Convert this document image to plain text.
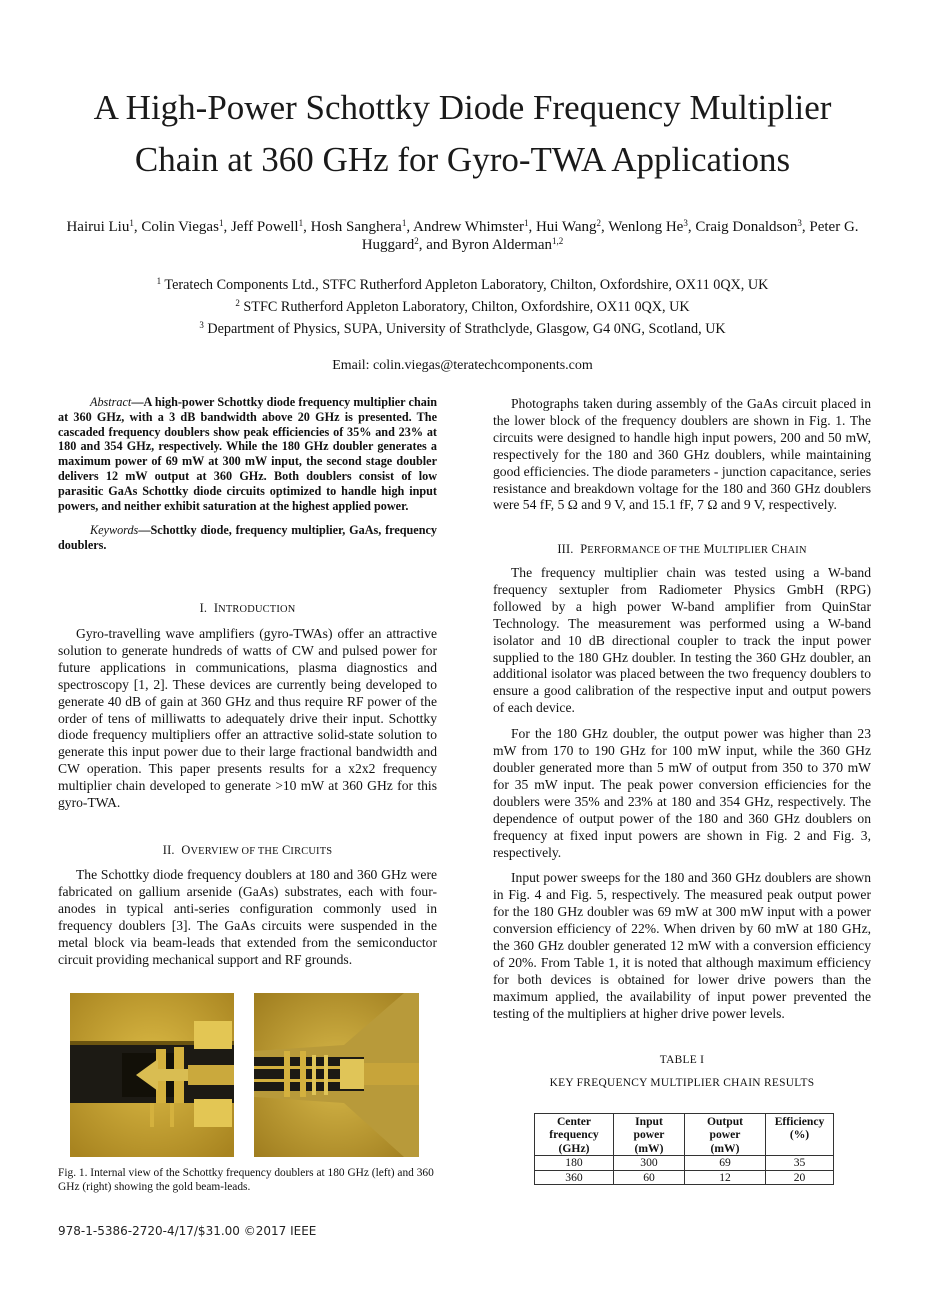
A High-Power Schottky Diode Frequency Multiplier
Chain at 360 GHz for Gyro-TWA Applications
Hairui Liu$^1$, Colin Viegas$^1$, Jeff Powell$^1$, Hosh Sanghera$^1$, Andrew Whimster$^1$, Hui Wang$^2$, Wenlong He$^3$, Craig Donaldson$^3$, Peter G. Huggard$^2$, and Byron Alderman$^{1,2}$
$^1$ Teratech Components Ltd., STFC Rutherford Appleton Laboratory, Chilton, Oxfordshire, OX11 0QX, UK
$^2$ STFC Rutherford Appleton Laboratory, Chilton, Oxfordshire, OX11 0QX, UK
$^3$ Department of Physics, SUPA, University of Strathclyde, Glasgow, G4 0NG, Scotland, UK
Email: colin.viegas@teratechcomponents.com

Abstract—A high-power Schottky diode frequency multiplier chain at 360 GHz, with a 3 dB bandwidth above 20 GHz is presented. The cascaded frequency doublers show peak efficiencies of 35% and 23% at 180 and 354 GHz, respectively. While the 180 GHz doubler generates a maximum power of 69 mW at 300 mW input, the second stage doubler delivers 12 mW output at 360 GHz. Both doublers consist of low parasitic GaAs Schottky diode circuits optimized to handle high input powers, and neither exhibit saturation at the highest applied power.

Keywords—Schottky diode, frequency multiplier, GaAs, frequency doublers.

I. INTRODUCTION

Gyro-travelling wave amplifiers (gyro-TWAs) offer an attractive solution to generate hundreds of watts of CW and pulsed power for future applications in communications, plasma diagnostics and spectroscopy [1, 2]. These devices are currently being developed to generate 40 dB of gain at 360 GHz and thus require RF power of the order of tens of milliwatts to adequately drive their input. Schottky diode frequency multipliers offer an attractive solid-state solution to generate this input power due to their large fractional bandwidth and CW operation. This paper presents results for a x2x2 frequency multiplier chain developed to generate >10 mW at 360 GHz for this gyro-TWA.

II. OVERVIEW OF THE CIRCUITS

The Schottky diode frequency doublers at 180 and 360 GHz were fabricated on gallium arsenide (GaAs) substrates, each with four-anodes in typical anti-series configuration commonly used in frequency doublers [3]. The GaAs circuits were suspended in the metal block via beam-leads that extended from the semiconductor circuit providing mechanical support and RF grounds.

Fig. 1. Internal view of the Schottky frequency doublers at 180 GHz (left) and 360 GHz (right) showing the gold beam-leads.

Photographs taken during assembly of the GaAs circuit placed in the lower block of the frequency doublers are shown in Fig. 1. The circuits were designed to handle high input powers, 200 and 50 mW, respectively for the 180 and 360 GHz doublers, while maintaining good efficiencies. The diode parameters - junction capacitance, series resistance and breakdown voltage for the 180 and 360 GHz doublers were 54 fF, 5 Ω and 9 V, and 15.1 fF, 7 Ω and 9 V, respectively.

III. PERFORMANCE OF THE MULTIPLIER CHAIN

The frequency multiplier chain was tested using a W-band frequency sextupler from Radiometer Physics GmbH (RPG) followed by a high power W-band amplifier from QuinStar Technology. The measurement was performed using a W-band isolator and 10 dB directional coupler to track the input power supplied to the 180 GHz doubler. In testing the 360 GHz doubler, an additional isolator was placed between the two frequency doublers to ensure a good calibration of the respective input and output powers of each device.

For the 180 GHz doubler, the output power was higher than 23 mW from 170 to 190 GHz for 100 mW input, while the 360 GHz doubler generated more than 5 mW of output from 350 to 370 mW for 35 mW input. The peak power conversion efficiencies for the doublers were 35% and 23% at 180 and 354 GHz, respectively. The dependence of output power of the 180 and 360 GHz doublers on frequency at fixed input powers are shown in Fig. 2 and Fig. 3, respectively.

Input power sweeps for the 180 and 360 GHz doublers are shown in Fig. 4 and Fig. 5, respectively. The measured peak output power for the 180 GHz doubler was 69 mW at 300 mW input with a power conversion efficiency of 22%. When driven by 60 mW at 180 GHz, the 360 GHz doubler generated 12 mW with a conversion efficiency of 20%. From Table 1, it is noted that although maximum efficiency for both devices is obtained for lower drive powers than the maximum applied, the availability of input power prevented the testing of the multipliers at higher drive power levels.

TABLE I
KEY FREQUENCY MULTIPLIER CHAIN RESULTS
Center
frequency
(GHz)	Input
power
(mW)	Output
power
(mW)	Efficiency
(%)
180	300	69	35
360	60	12	20
978-1-5386-2720-4/17/$31.00 ©2017 IEEE
